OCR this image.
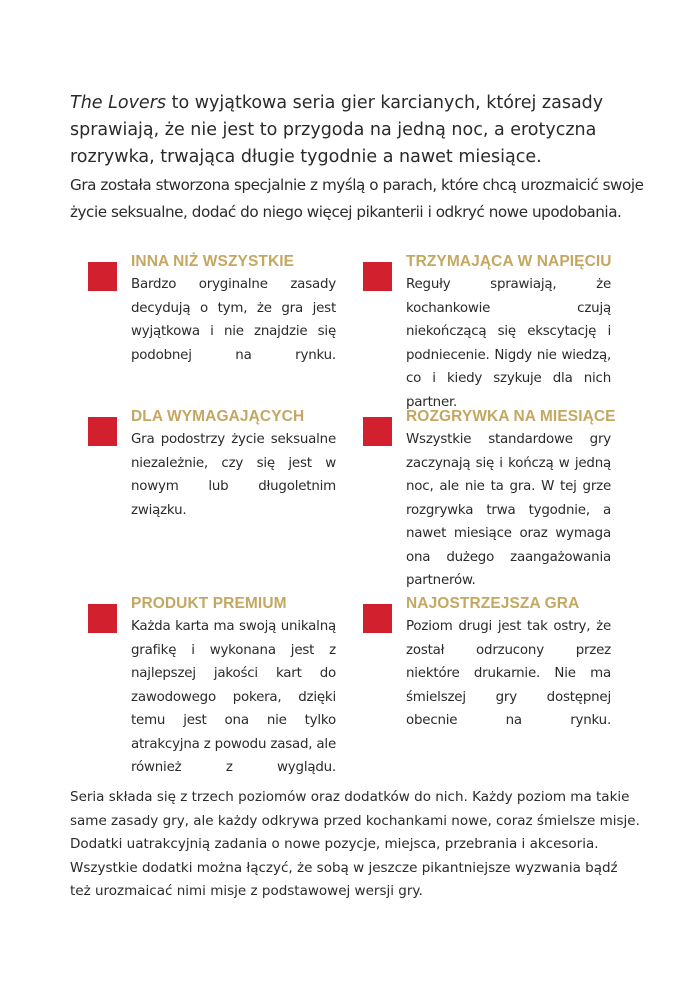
The Lovers to wyjątkowa seria gier karcianych, której zasady sprawiają, że nie jest to przygoda na jedną noc, a erotyczna rozrywka, trwająca długie tygodnie a nawet miesiące.
Gra została stworzona specjalnie z myślą o parach, które chcą urozmaicić swoje życie seksualne, dodać do niego więcej pikanterii i odkryć nowe upodobania.
INNA NIŻ WSZYSTKIE
Bardzo oryginalne zasady decydują o tym, że gra jest wyjątkowa i nie znajdzie się podobnej na rynku.
TRZYMAJĄCA W NAPIĘCIU
Reguły sprawiają, że kochankowie czują niekończącą się ekscytację i podniecenie. Nigdy nie wiedzą, co i kiedy szykuje dla nich partner.
DLA WYMAGAJĄCYCH
Gra podostrzy życie seksualne niezależnie, czy się jest w nowym lub długoletnim związku.
ROZGRYWKA NA MIESIĄCE
Wszystkie standardowe gry zaczynają się i kończą w jedną noc, ale nie ta gra. W tej grze rozgrywka trwa tygodnie, a nawet miesiące oraz wymaga ona dużego zaangażowania partnerów.
PRODUKT PREMIUM
Każda karta ma swoją unikalną grafikę i wykonana jest z najlepszej jakości kart do zawodowego pokera, dzięki temu jest ona nie tylko atrakcyjna z powodu zasad, ale również z wyglądu.
NAJOSTRZEJSZA GRA
Poziom drugi jest tak ostry, że został odrzucony przez niektóre drukarnie. Nie ma śmielszej gry dostępnej obecnie na rynku.
Seria składa się z trzech poziomów oraz dodatków do nich. Każdy poziom ma takie same zasady gry, ale każdy odkrywa przed kochankami nowe, coraz śmielsze misje. Dodatki uatrakcyjnią zadania o nowe pozycje, miejsca, przebrania i akcesoria. Wszystkie dodatki można łączyć, że sobą w jeszcze pikantniejsze wyzwania bądź też urozmaicać nimi misje z podstawowej wersji gry.
